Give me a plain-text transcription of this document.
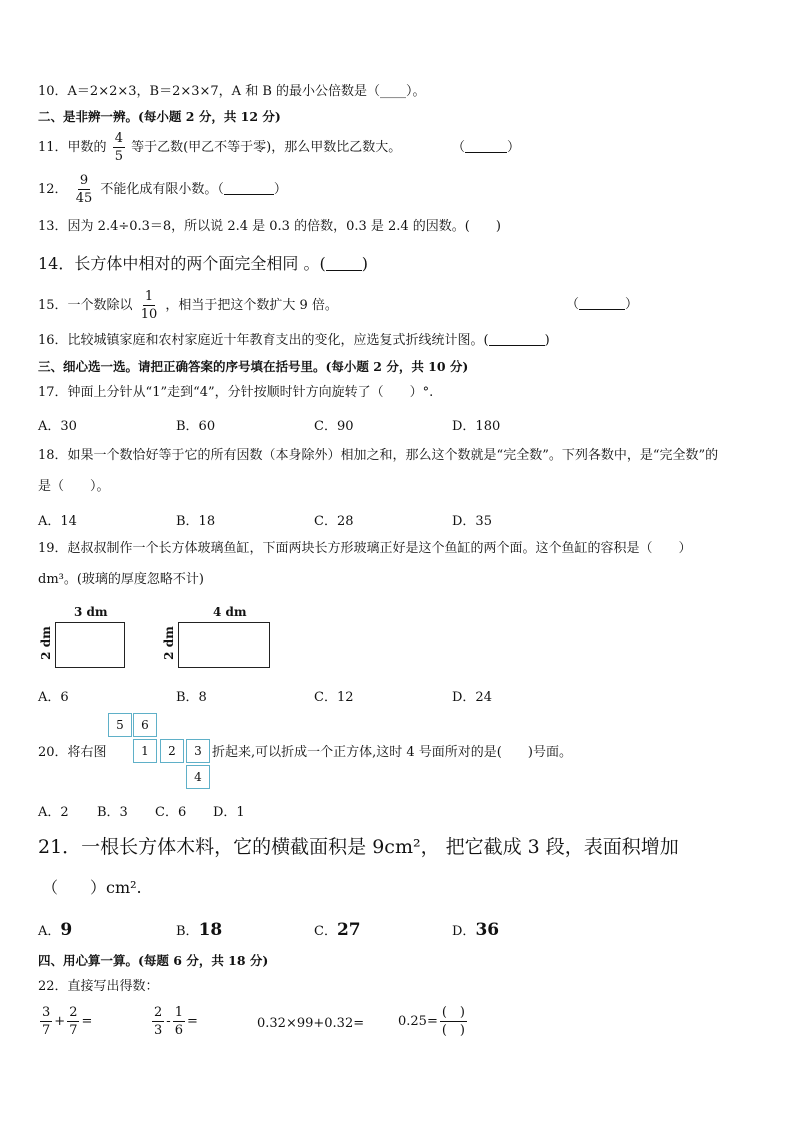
10．A＝2×2×3，B＝2×3×7，A 和 B 的最小公倍数是（____）。
二、是非辨一辨。(每小题 2 分，共 12 分)
11．甲数的 $\frac{4}{5}$ 等于乙数(甲乙不等于零)，那么甲数比乙数大。	（	）
12． $\frac{9}{45}$ 不能化成有限小数。（	）
13．因为 2.4÷0.3＝8，所以说 2.4 是 0.3 的倍数，0.3 是 2.4 的因数。(　　)
14．长方体中相对的两个面完全相同 。( )
15．一个数除以 $\frac{1}{10}$ ，相当于把这个数扩大 9 倍。	（	）
16．比较城镇家庭和农村家庭近十年教育支出的变化，应选复式折线统计图。(	)
三、细心选一选。请把正确答案的序号填在括号里。(每小题 2 分，共 10 分)
17．钟面上分针从“1”走到“4”，分针按顺时针方向旋转了（　　）°.
A．30	B．60	C．90	D．180
18．如果一个数恰好等于它的所有因数（本身除外）相加之和，那么这个数就是“完全数”。下列各数中，是“完全数”的
是（　　）。
A．14	B．18	C．28	D．35
19．赵叔叔制作一个长方体玻璃鱼缸，下面两块长方形玻璃正好是这个鱼缸的两个面。这个鱼缸的容积是（　　）
dm³。(玻璃的厚度忽略不计)
3 dm
2 dm
4 dm
2 dm
A．6	B．8	C．12	D．24
20．将右图
5	6
1	2	3
4
折起来,可以折成一个正方体,这时 4 号面所对的是(　　)号面。
A．2 B．3 C．6 D．1
21．一根长方体木料，它的横截面积是 9cm²， 把它截成 3 段，表面积增加
（　　）cm².
A．9	B．18	C．27	D．36
四、用心算一算。(每题 6 分，共 18 分)
22．直接写出得数：
$\frac{3}{7} + \frac{2}{7}$ =	$\frac{2}{3} - \frac{1}{6}$ =	0.32×99+0.32=	$0.25= \frac{( )}{( )}$
